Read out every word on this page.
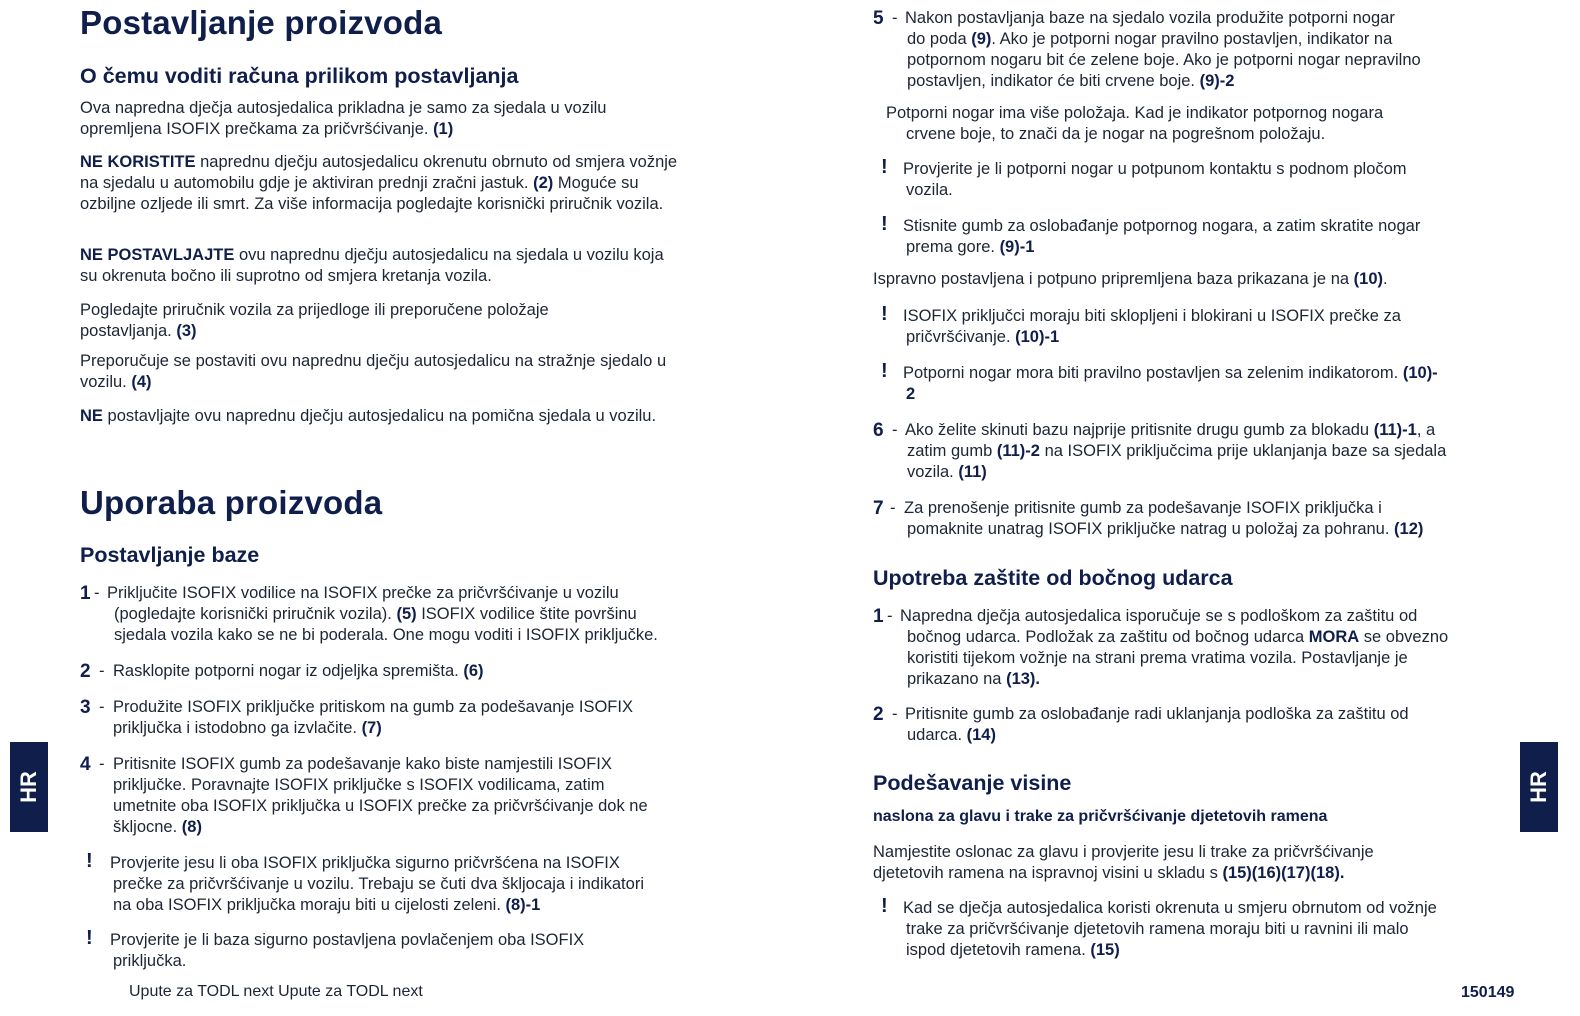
Postavljanje proizvoda
O čemu voditi računa prilikom postavljanja

Ova napredna dječja autosjedalica prikladna je samo za sjedala u vozilu opremljena ISOFIX prečkama za pričvršćivanje. (1)

NE KORISTITE naprednu dječju autosjedalicu okrenutu obrnuto od smjera vožnje na sjedalu u automobilu gdje je aktiviran prednji zračni jastuk. (2) Moguće su ozbiljne ozljede ili smrt. Za više informacija pogledajte korisnički priručnik vozila.

NE POSTAVLJAJTE ovu naprednu dječju autosjedalicu na sjedala u vozilu koja su okrenuta bočno ili suprotno od smjera kretanja vozila.

Pogledajte priručnik vozila za prijedloge ili preporučene položaje postavljanja. (3)

Preporučuje se postaviti ovu naprednu dječju autosjedalicu na stražnje sjedalo u vozilu. (4)

NE postavljajte ovu naprednu dječju autosjedalicu na pomična sjedala u vozilu.

Uporaba proizvoda
Postavljanje baze
1 - Priključite ISOFIX vodilice na ISOFIX prečke za pričvršćivanje u vozilu
(pogledajte korisnički priručnik vozila). (5) ISOFIX vodilice štite površinu
sjedala vozila kako se ne bi poderala. One mogu voditi i ISOFIX priključke.
2 - Rasklopite potporni nogar iz odjeljka spremišta. (6)
3 - Produžite ISOFIX priključke pritiskom na gumb za podešavanje ISOFIX
priključka i istodobno ga izvlačite. (7)
4 - Pritisnite ISOFIX gumb za podešavanje kako biste namjestili ISOFIX
priključke. Poravnajte ISOFIX priključke s ISOFIX vodilicama, zatim
umetnite oba ISOFIX priključka u ISOFIX prečke za pričvršćivanje dok ne
škljocne. (8)
! Provjerite jesu li oba ISOFIX priključka sigurno pričvršćena na ISOFIX
prečke za pričvršćivanje u vozilu. Trebaju se čuti dva škljocaja i indikatori
na oba ISOFIX priključka moraju biti u cijelosti zeleni. (8)-1
! Provjerite je li baza sigurno postavljena povlačenjem oba ISOFIX
priključka.
Upute za TODL next Upute za TODL next
5 - Nakon postavljanja baze na sjedalo vozila produžite potporni nogar
do poda (9). Ako je potporni nogar pravilno postavljen, indikator na
potpornom nogaru bit će zelene boje. Ako je potporni nogar nepravilno
postavljen, indikator će biti crvene boje. (9)-2
Potporni nogar ima više položaja. Kad je indikator potpornog nogara
crvene boje, to znači da je nogar na pogrešnom položaju.
! Provjerite je li potporni nogar u potpunom kontaktu s podnom pločom
vozila.
! Stisnite gumb za oslobađanje potpornog nogara, a zatim skratite nogar
prema gore. (9)-1

Ispravno postavljena i potpuno pripremljena baza prikazana je na (10).

! ISOFIX priključci moraju biti sklopljeni i blokirani u ISOFIX prečke za
pričvršćivanje. (10)-1
! Potporni nogar mora biti pravilno postavljen sa zelenim indikatorom. (10)-
2
6 - Ako želite skinuti bazu najprije pritisnite drugu gumb za blokadu (11)-1, a
zatim gumb (11)-2 na ISOFIX priključcima prije uklanjanja baze sa sjedala
vozila. (11)
7 - Za prenošenje pritisnite gumb za podešavanje ISOFIX priključka i
pomaknite unatrag ISOFIX priključke natrag u položaj za pohranu. (12)
Upotreba zaštite od bočnog udarca
1 - Napredna dječja autosjedalica isporučuje se s podloškom za zaštitu od
bočnog udarca. Podložak za zaštitu od bočnog udarca MORA se obvezno
koristiti tijekom vožnje na strani prema vratima vozila. Postavljanje je
prikazano na (13).
2 - Pritisnite gumb za oslobađanje radi uklanjanja podloška za zaštitu od
udarca. (14)
Podešavanje visine
naslona za glavu i trake za pričvršćivanje djetetovih ramena
Namjestite oslonac za glavu i provjerite jesu li trake za pričvršćivanje
djetetovih ramena na ispravnoj visini u skladu s (15)(16)(17)(18).
! Kad se dječja autosjedalica koristi okrenuta u smjeru obrnutom od vožnje
trake za pričvršćivanje djetetovih ramena moraju biti u ravnini ili malo
ispod djetetovih ramena. (15)
150149
HR	HR
